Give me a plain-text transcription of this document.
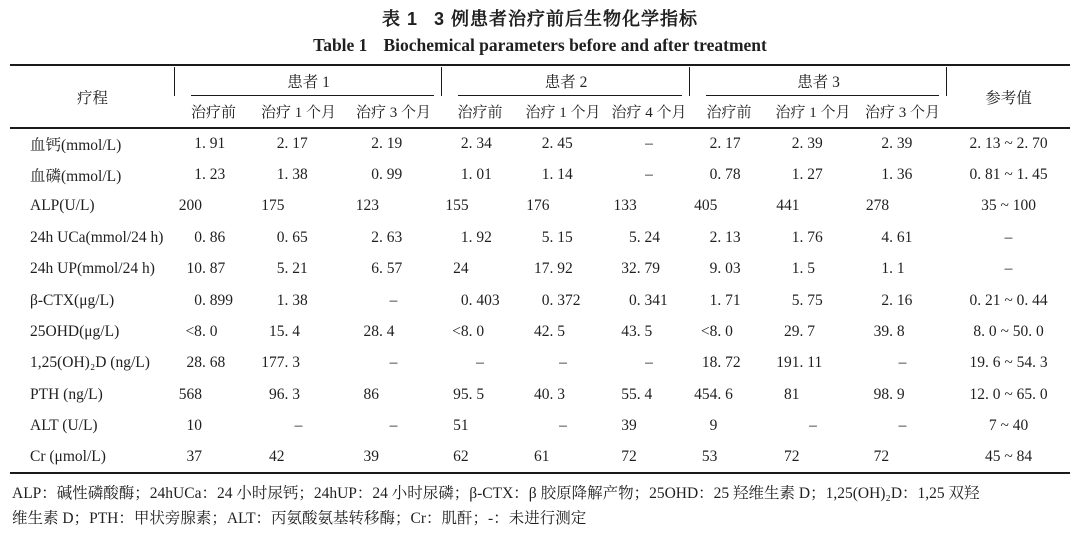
表 1 3 例患者治疗前后生物化学指标
Table 1 Biochemical parameters before and after treatment
疗程	患者 1			患者 2			患者 3			参考值
	治疗前	治疗 1 个月	治疗 3 个月	治疗前	治疗 1 个月	治疗 4 个月	治疗前	治疗 1 个月	治疗 3 个月	
血钙(mmol/L)	1 . 91	2 . 17	2 . 19	2 . 34	2 . 45	–	2 . 17	2 . 39	2 . 39	2. 13 ~ 2. 70
血磷(mmol/L)	1 . 23	1 . 38	0 . 99	1 . 01	1 . 14	–	0 . 78	1 . 27	1 . 36	0. 81 ~ 1. 45
ALP(U/L)	200	175	123	155	176	133	405	441	278	35 ~ 100
24h UCa(mmol/24 h)	0 . 86	0 . 65	2 . 63	1 . 92	5 . 15	5 . 24	2 . 13	1 . 76	4 . 61	–
24h UP(mmol/24 h)	10 . 87	5 . 21	6 . 57	24	17 . 92	32 . 79	9 . 03	1 . 5	1 . 1	–
β-CTX(μg/L)	0 . 899	1 . 38	–	0 . 403	0 . 372	0 . 341	1 . 71	5 . 75	2 . 16	0. 21 ~ 0. 44
25OHD(μg/L)	<8 . 0	15 . 4	28 . 4	<8 . 0	42 . 5	43 . 5	<8 . 0	29 . 7	39 . 8	8. 0 ~ 50. 0
1,25(OH)₂D (ng/L)	28 . 68	177 . 3	–	–	–	–	18 . 72	191 . 11	–	19. 6 ~ 54. 3
PTH (ng/L)	568	96 . 3	86	95 . 5	40 . 3	55 . 4	454 . 6	81	98 . 9	12. 0 ~ 65. 0
ALT (U/L)	10	–	–	51	–	39	9	–	–	7 ~ 40
Cr (μmol/L)	37	42	39	62	61	72	53	72	72	45 ~ 84
ALP：碱性磷酸酶；24hUCa：24 小时尿钙；24hUP：24 小时尿磷；β-CTX：β 胶原降解产物；25OHD：25 羟维生素 D；1,25(OH)₂D：1,25 双羟
维生素 D；PTH：甲状旁腺素；ALT：丙氨酸氨基转移酶；Cr：肌酐；-：未进行测定
